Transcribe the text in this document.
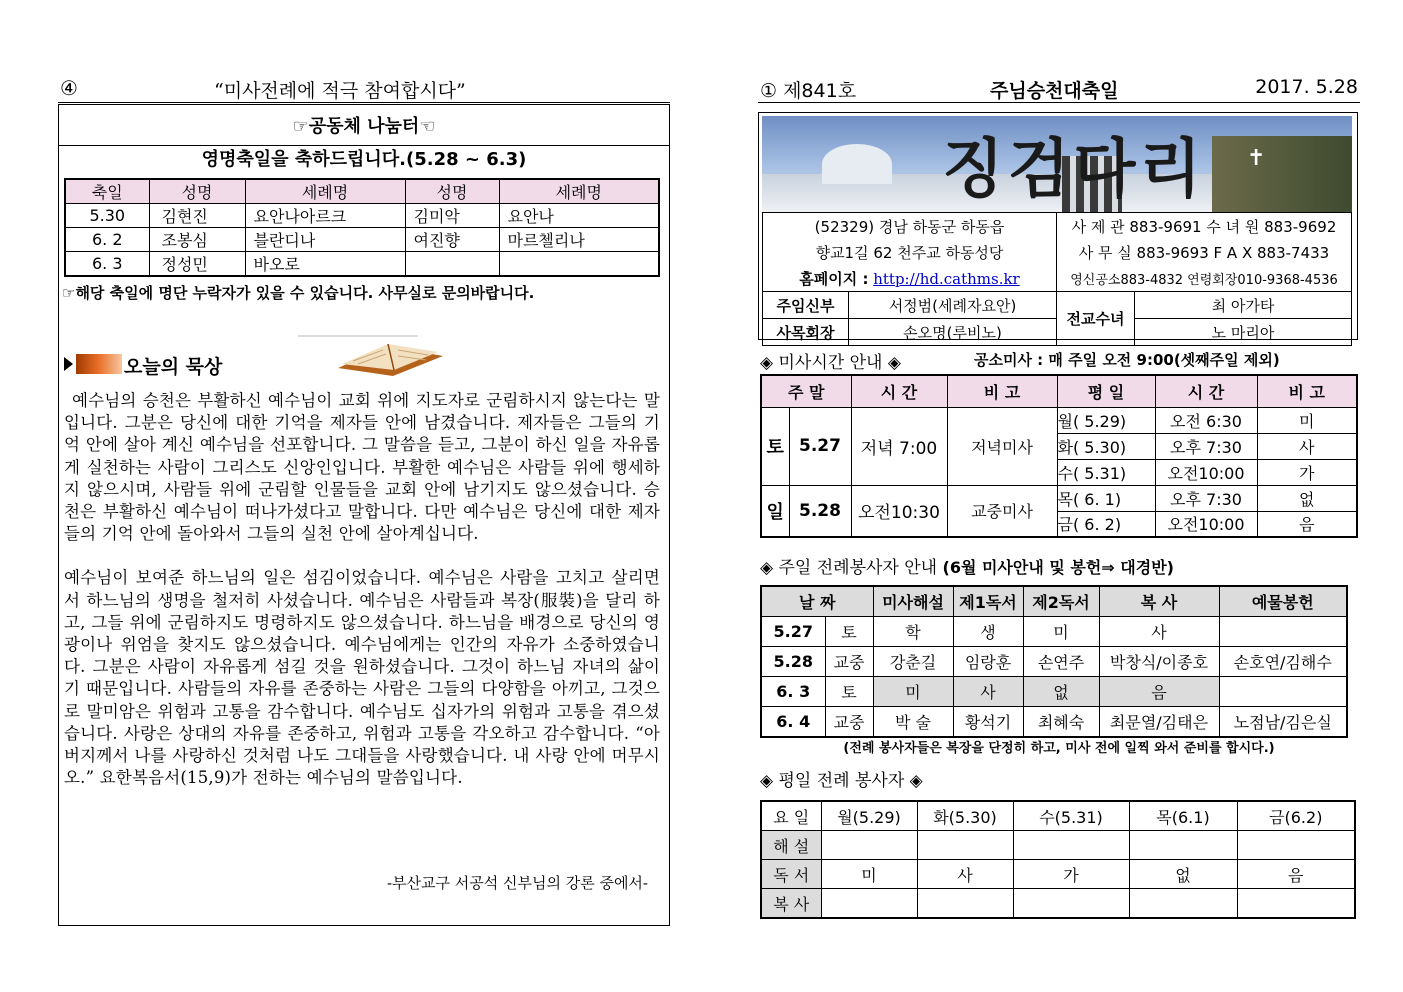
④	“미사전례에 적극 참여합시다”
☞공동체 나눔터☜
영명축일을 축하드립니다.(5.28 ~ 6.3)
축일	성명	세례명	성명	세례명
5.30	김현진	요안나아르크	김미악	요안나
6. 2	조봉심	블란디나	여진향	마르첼리나
6. 3	정성민	바오로		
☞해당 축일에 명단 누락자가 있을 수 있습니다. 사무실로 문의바랍니다.
오늘의 묵상
예수님의 승천은 부활하신 예수님이 교회 위에 지도자로 군림하시지 않는다는 말입니다. 그분은 당신에 대한 기억을 제자들 안에 남겼습니다. 제자들은 그들의 기억 안에 살아 계신 예수님을 선포합니다. 그 말씀을 듣고, 그분이 하신 일을 자유롭게 실천하는 사람이 그리스도 신앙인입니다. 부활한 예수님은 사람들 위에 행세하지 않으시며, 사람들 위에 군림할 인물들을 교회 안에 남기지도 않으셨습니다. 승천은 부활하신 예수님이 떠나가셨다고 말합니다. 다만 예수님은 당신에 대한 제자들의 기억 안에 돌아와서 그들의 실천 안에 살아계십니다.
예수님이 보여준 하느님의 일은 섬김이었습니다. 예수님은 사람을 고치고 살리면서 하느님의 생명을 철저히 사셨습니다. 예수님은 사람들과 복장(服裝)을 달리 하고, 그들 위에 군림하지도 명령하지도 않으셨습니다. 하느님을 배경으로 당신의 영광이나 위엄을 찾지도 않으셨습니다. 예수님에게는 인간의 자유가 소중하였습니다. 그분은 사람이 자유롭게 섬길 것을 원하셨습니다. 그것이 하느님 자녀의 삶이기 때문입니다. 사람들의 자유를 존중하는 사람은 그들의 다양함을 아끼고, 그것으로 말미암은 위험과 고통을 감수합니다. 예수님도 십자가의 위험과 고통을 겪으셨습니다. 사랑은 상대의 자유를 존중하고, 위험과 고통을 각오하고 감수합니다. “아버지께서 나를 사랑하신 것처럼 나도 그대들을 사랑했습니다. 내 사랑 안에 머무시오.” 요한복음서(15,9)가 전하는 예수님의 말씀입니다.
-부산교구 서공석 신부님의 강론 중에서-
① 제841호	주님승천대축일	2017. 5.28
✝
징검다리
(52329) 경남 하동군 하동읍		사 제 관 883-9691 수 녀 원 883-9692	
향교1길 62 천주교 하동성당		사 무 실 883-9693 F A X 883-7433	
홈페이지 : http://hd.cathms.kr		영신공소883-4832 연령회장010-9368-4536	
주임신부	서정범(세례자요안)	전교수녀	최 아가타
사목회장	손오명(루비노)		노 마리아
◈ 미사시간 안내 ◈	공소미사 : 매 주일 오전 9:00(셋째주일 제외)
주 말		시 간	비 고	평 일	시 간	비 고
토	5.27	저녁 7:00	저녁미사	월( 5.29)	오전 6:30	미
				화( 5.30)	오후 7:30	사
				수( 5.31)	오전10:00	가
일	5.28	오전10:30	교중미사	목( 6. 1)	오후 7:30	없
				금( 6. 2)	오전10:00	음
◈ 주일 전례봉사자 안내 (6월 미사안내 및 봉헌⇒ 대경반)
날 짜		미사해설	제1독서	제2독서	복 사	예물봉헌
5.27	토	학	생	미	사	
5.28	교중	강춘길	임랑훈	손연주	박창식/이종호	손호연/김해수
6. 3	토	미	사	없	음	
6. 4	교중	박 술	황석기	최혜숙	최문열/김태은	노점남/김은실
(전례 봉사자들은 복장을 단정히 하고, 미사 전에 일찍 와서 준비를 합시다.)
◈ 평일 전례 봉사자 ◈
요 일	월(5.29)	화(5.30)	수(5.31)	목(6.1)	금(6.2)
해 설					
독 서	미	사	가	없	음
복 사					
